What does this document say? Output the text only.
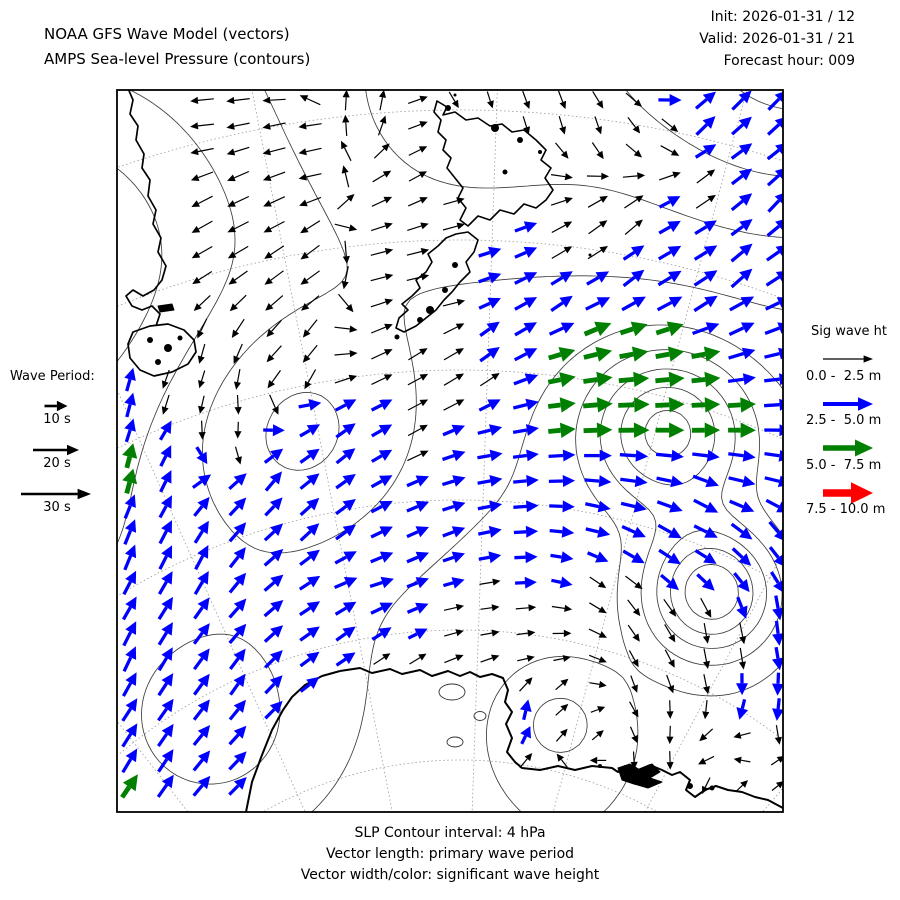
NOAA GFS Wave Model (vectors)
AMPS Sea-level Pressure (contours)
Init: 2026-01-31 / 12
Valid: 2026-01-31 / 21
Forecast hour: 009
Wave Period:
10 s
20 s
30 s
Sig wave ht
0.0 -  2.5 m
2.5 -  5.0 m
5.0 -  7.5 m
7.5 - 10.0 m
SLP Contour interval: 4 hPa
Vector length: primary wave period
Vector width/color: significant wave height
